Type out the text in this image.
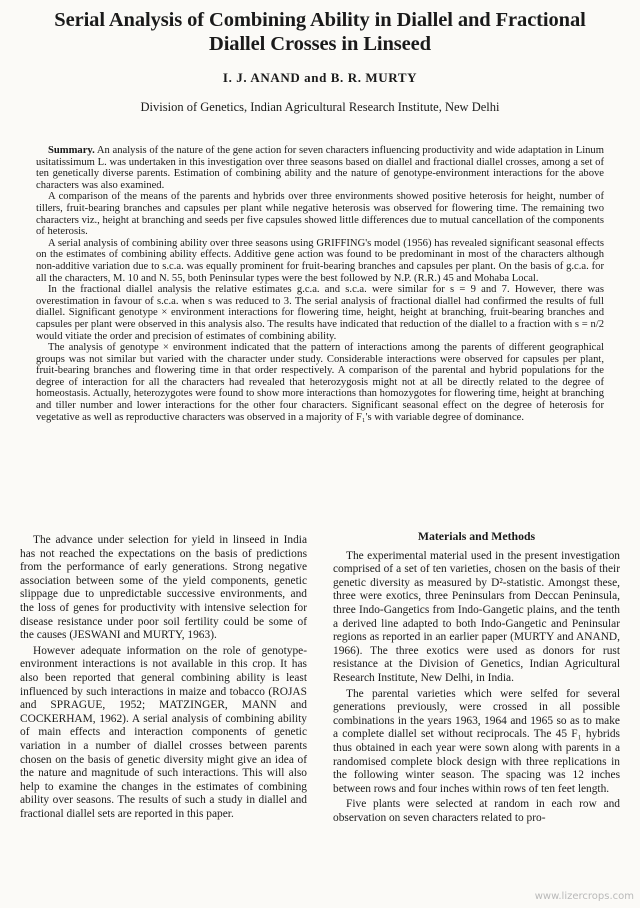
Serial Analysis of Combining Ability in Diallel and Fractional
Diallel Crosses in Linseed
I. J. ANAND and B. R. MURTY
Division of Genetics, Indian Agricultural Research Institute, New Delhi

Summary. An analysis of the nature of the gene action for seven characters influencing productivity and wide adaptation in Linum usitatissimum L. was undertaken in this investigation over three seasons based on diallel and fractional diallel crosses, among a set of ten genetically diverse parents. Estimation of combining ability and the nature of genotype-environment interactions for the above characters was also examined.

A comparison of the means of the parents and hybrids over three environments showed positive heterosis for height, number of tillers, fruit-bearing branches and capsules per plant while negative heterosis was observed for flowering time. The remaining two characters viz., height at branching and seeds per five capsules showed little differences due to mutual cancellation of the components of heterosis.

A serial analysis of combining ability over three seasons using GRIFFING's model (1956) has revealed significant seasonal effects on the estimates of combining ability effects. Additive gene action was found to be predominant in most of the characters although non-additive variation due to s.c.a. was equally prominent for fruit-bearing branches and capsules per plant. On the basis of g.c.a. for all the characters, M. 10 and N. 55, both Peninsular types were the best followed by N.P. (R.R.) 45 and Mohaba Local.

In the fractional diallel analysis the relative estimates g.c.a. and s.c.a. were similar for s = 9 and 7. However, there was overestimation in favour of s.c.a. when s was reduced to 3. The serial analysis of fractional diallel had confirmed the results of full diallel. Significant genotype × environment interactions for flowering time, height, height at branching, fruit-bearing branches and capsules per plant were observed in this analysis also. The results have indicated that reduction of the diallel to a fraction with s = n/2 would vitiate the order and precision of estimates of combining ability.

The analysis of genotype × environment indicated that the pattern of interactions among the parents of different geographical groups was not similar but varied with the character under study. Considerable interactions were observed for capsules per plant, fruit-bearing branches and flowering time in that order respectively. A comparison of the parental and hybrid populations for the degree of interaction for all the characters had revealed that heterozygosis might not at all be directly related to the degree of homeostasis. Actually, heterozygotes were found to show more interactions than homozygotes for flowering time, height at branching and tiller number and lower interactions for the other four characters. Significant seasonal effect on the degree of heterosis for vegetative as well as reproductive characters was observed in a majority of F₁'s with variable degree of dominance.

The advance under selection for yield in linseed in India has not reached the expectations on the basis of predictions from the performance of early generations. Strong negative association between some of the yield components, genetic slippage due to unpredictable successive environments, and the loss of genes for productivity with intensive selection for disease resistance under poor soil fertility could be some of the causes (JESWANI and MURTY, 1963).

However adequate information on the role of genotype-environment interactions is not available in this crop. It has also been reported that general combining ability is least influenced by such interactions in maize and tobacco (ROJAS and SPRAGUE, 1952; MATZINGER, MANN and COCKERHAM, 1962). A serial analysis of combining ability of main effects and interaction components of genetic variation in a number of diallel crosses between parents chosen on the basis of genetic diversity might give an idea of the nature and magnitude of such interactions. This will also help to examine the changes in the estimates of combining ability over seasons. The results of such a study in diallel and fractional diallel sets are reported in this paper.

Materials and Methods

The experimental material used in the present investigation comprised of a set of ten varieties, chosen on the basis of their genetic diversity as measured by D²-statistic. Amongst these, three were exotics, three Peninsulars from Deccan Peninsula, three Indo-Gangetics from Indo-Gangetic plains, and the tenth a derived line adapted to both Indo-Gangetic and Peninsular regions as reported in an earlier paper (MURTY and ANAND, 1966). The three exotics were used as donors for rust resistance at the Division of Genetics, Indian Agricultural Research Institute, New Delhi, in India.

The parental varieties which were selfed for several generations previously, were crossed in all possible combinations in the years 1963, 1964 and 1965 so as to make a complete diallel set without reciprocals. The 45 F₁ hybrids thus obtained in each year were sown along with parents in a randomised complete block design with three replications in the following winter season. The spacing was 12 inches between rows and four inches within rows of ten feet length.

Five plants were selected at random in each row and observation on seven characters related to pro-

www.lizercrops.com
